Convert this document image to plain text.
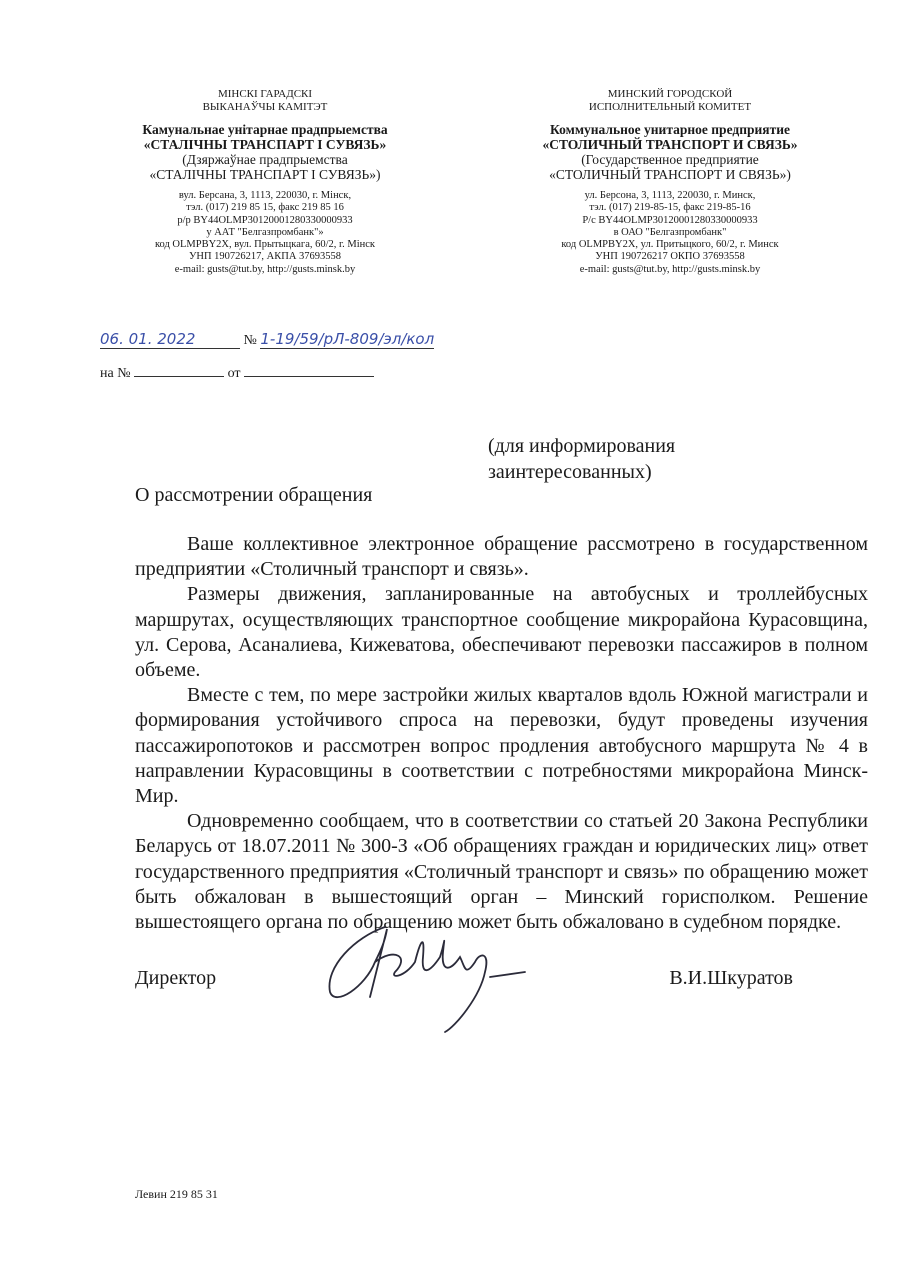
МІНСКІ ГАРАДСКІ
ВЫКАНАЎЧЫ КАМІТЭТ
Камунальнае унітарнае прадпрыемства
«СТАЛІЧНЫ ТРАНСПАРТ І СУВЯЗЬ»
(Дзяржаўнае прадпрыемства
«СТАЛІЧНЫ ТРАНСПАРТ І СУВЯЗЬ»)
вул. Берсана, 3, 1113, 220030, г. Мінск,
тэл. (017) 219 85 15, факс 219 85 16
р/р BY44OLMP30120001280330000933
у ААТ "Белгазпромбанк"»
код OLMPBY2X, вул. Прытыцкага, 60/2, г. Мінск
УНП 190726217, АКПА 37693558
e-mail: gusts@tut.by, http://gusts.minsk.by
МИНСКИЙ ГОРОДСКОЙ
ИСПОЛНИТЕЛЬНЫЙ КОМИТЕТ
Коммунальное унитарное предприятие
«СТОЛИЧНЫЙ ТРАНСПОРТ И СВЯЗЬ»
(Государственное предприятие
«СТОЛИЧНЫЙ ТРАНСПОРТ И СВЯЗЬ»)
ул. Берсона, 3, 1113, 220030, г. Минск,
тэл. (017) 219-85-15, факс 219-85-16
Р/с BY44OLMP30120001280330000933
в ОАО "Белгазпромбанк"
код OLMPBY2X, ул. Притыцкого, 60/2, г. Минск
УНП 190726217 ОКПО 37693558
e-mail: gusts@tut.by, http://gusts.minsk.by
06. 01. 2022	№ 1-19/59/рЛ-809/эл/кол
на №	от
(для информирования
заинтересованных)
О рассмотрении обращения

Ваше коллективное электронное обращение рассмотрено в государственном предприятии «Столичный транспорт и связь».

Размеры движения, запланированные на автобусных и троллейбусных маршрутах, осуществляющих транспортное сообщение микрорайона Курасовщина, ул. Серова, Асаналиева, Кижеватова, обеспечивают перевозки пассажиров в полном объеме.

Вместе с тем, по мере застройки жилых кварталов вдоль Южной магистрали и формирования устойчивого спроса на перевозки, будут проведены изучения пассажиропотоков и рассмотрен вопрос продления автобусного маршрута № 4 в направлении Курасовщины в соответствии с потребностями микрорайона Минск-Мир.

Одновременно сообщаем, что в соответствии со статьей 20 Закона Республики Беларусь от 18.07.2011 № 300-З «Об обращениях граждан и юридических лиц» ответ государственного предприятия «Столичный транспорт и связь» по обращению может быть обжалован в вышестоящий орган – Минский горисполком. Решение вышестоящего органа по обращению может быть обжаловано в судебном порядке.

Директор	В.И.Шкуратов
Левин 219 85 31
